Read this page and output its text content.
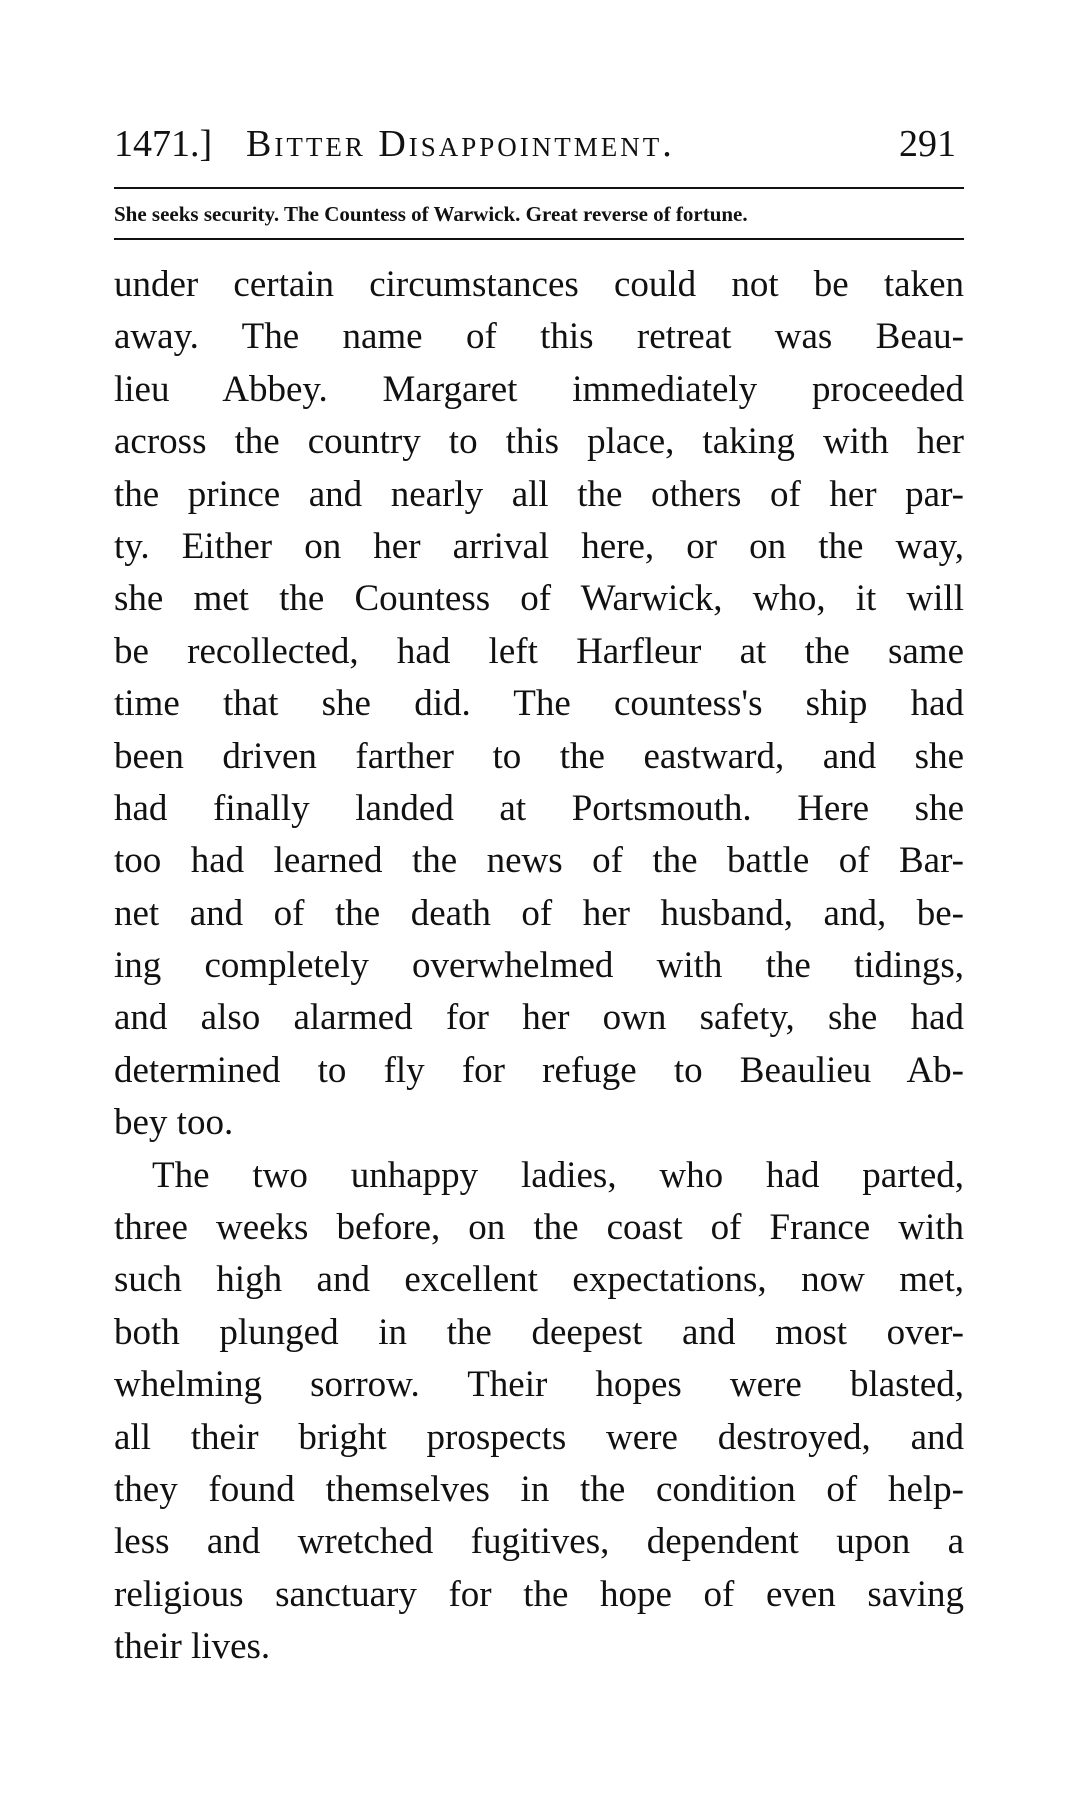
1471.] Bitter Disappointment.	291
She seeks security. The Countess of Warwick. Great reverse of fortune.
under certain circumstances could not be taken
away. The name of this retreat was Beau-
lieu Abbey. Margaret immediately proceeded
across the country to this place, taking with her
the prince and nearly all the others of her par-
ty. Either on her arrival here, or on the way,
she met the Countess of Warwick, who, it will
be recollected, had left Harfleur at the same
time that she did. The countess's ship had
been driven farther to the eastward, and she
had finally landed at Portsmouth. Here she
too had learned the news of the battle of Bar-
net and of the death of her husband, and, be-
ing completely overwhelmed with the tidings,
and also alarmed for her own safety, she had
determined to fly for refuge to Beaulieu Ab-
bey too.
The two unhappy ladies, who had parted,
three weeks before, on the coast of France with
such high and excellent expectations, now met,
both plunged in the deepest and most over-
whelming sorrow. Their hopes were blasted,
all their bright prospects were destroyed, and
they found themselves in the condition of help-
less and wretched fugitives, dependent upon a
religious sanctuary for the hope of even saving
their lives.
